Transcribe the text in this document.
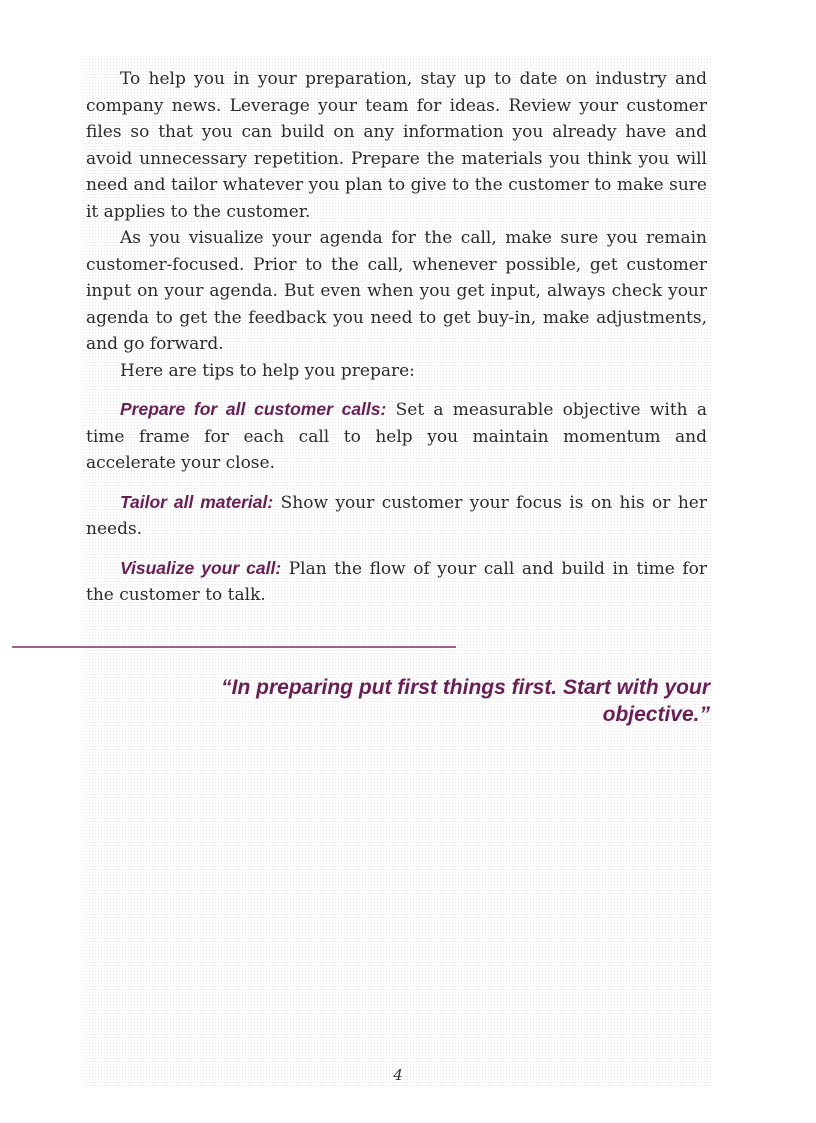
To help you in your preparation, stay up to date on industry and company news. Leverage your team for ideas. Review your customer files so that you can build on any information you already have and avoid unnecessary repetition. Prepare the materials you think you will need and tailor whatever you plan to give to the customer to make sure it applies to the customer.

As you visualize your agenda for the call, make sure you remain customer-focused. Prior to the call, whenever possible, get customer input on your agenda. But even when you get input, always check your agenda to get the feedback you need to get buy-in, make adjustments, and go forward.

Here are tips to help you prepare:

Prepare for all customer calls: Set a measurable objective with a time frame for each call to help you maintain momentum and accelerate your close.

Tailor all material: Show your customer your focus is on his or her needs.

Visualize your call: Plan the flow of your call and build in time for the customer to talk.

“In preparing put first things first. Start with your objective.”
4
